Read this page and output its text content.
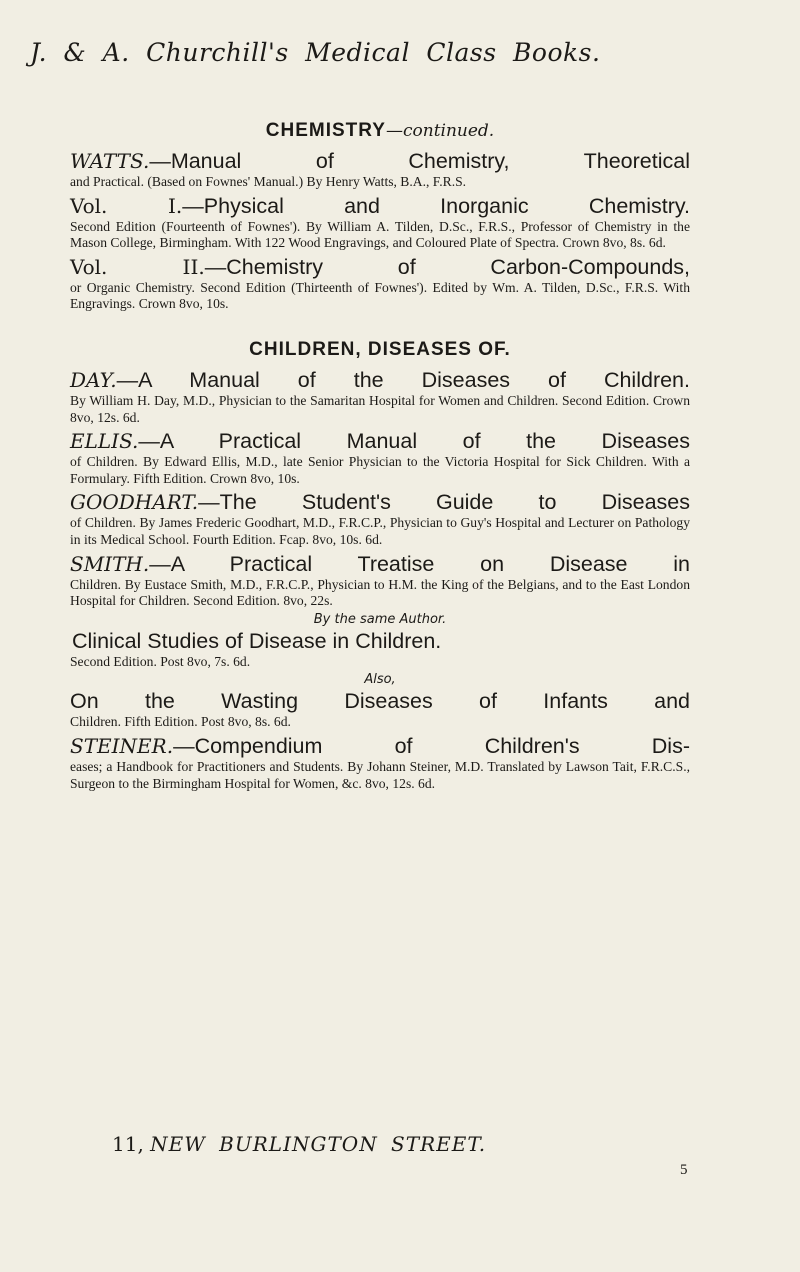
J. & A. Churchill's Medical Class Books.

CHEMISTRY—continued.

WATTS.—Manual of Chemistry, Theoretical

and Practical. (Based on Fownes' Manual.) By Henry Watts, B.A., F.R.S.

Vol. I.—Physical and Inorganic Chemistry.

Second Edition (Fourteenth of Fownes'). By William A. Tilden, D.Sc., F.R.S., Professor of Chemistry in the Mason College, Birmingham. With 122 Wood Engravings, and Coloured Plate of Spectra. Crown 8vo, 8s. 6d.

Vol. II.—Chemistry of Carbon-Compounds,

or Organic Chemistry. Second Edition (Thirteenth of Fownes'). Edited by Wm. A. Tilden, D.Sc., F.R.S. With Engravings. Crown 8vo, 10s.

CHILDREN, DISEASES OF.

DAY.—A Manual of the Diseases of Children.

By William H. Day, M.D., Physician to the Samaritan Hospital for Women and Children. Second Edition. Crown 8vo, 12s. 6d.

ELLIS.—A Practical Manual of the Diseases

of Children. By Edward Ellis, M.D., late Senior Physician to the Victoria Hospital for Sick Children. With a Formulary. Fifth Edition. Crown 8vo, 10s.

GOODHART.—The Student's Guide to Diseases

of Children. By James Frederic Goodhart, M.D., F.R.C.P., Physician to Guy's Hospital and Lecturer on Pathology in its Medical School. Fourth Edition. Fcap. 8vo, 10s. 6d.

SMITH.—A Practical Treatise on Disease in

Children. By Eustace Smith, M.D., F.R.C.P., Physician to H.M. the King of the Belgians, and to the East London Hospital for Children. Second Edition. 8vo, 22s.

By the same Author.

Clinical Studies of Disease in Children.

Second Edition. Post 8vo, 7s. 6d.

Also,

On the Wasting Diseases of Infants and

Children. Fifth Edition. Post 8vo, 8s. 6d.

STEINER.—Compendium of Children's Dis-

eases; a Handbook for Practitioners and Students. By Johann Steiner, M.D. Translated by Lawson Tait, F.R.C.S., Surgeon to the Birmingham Hospital for Women, &c. 8vo, 12s. 6d.

11, NEW BURLINGTON STREET.
5
